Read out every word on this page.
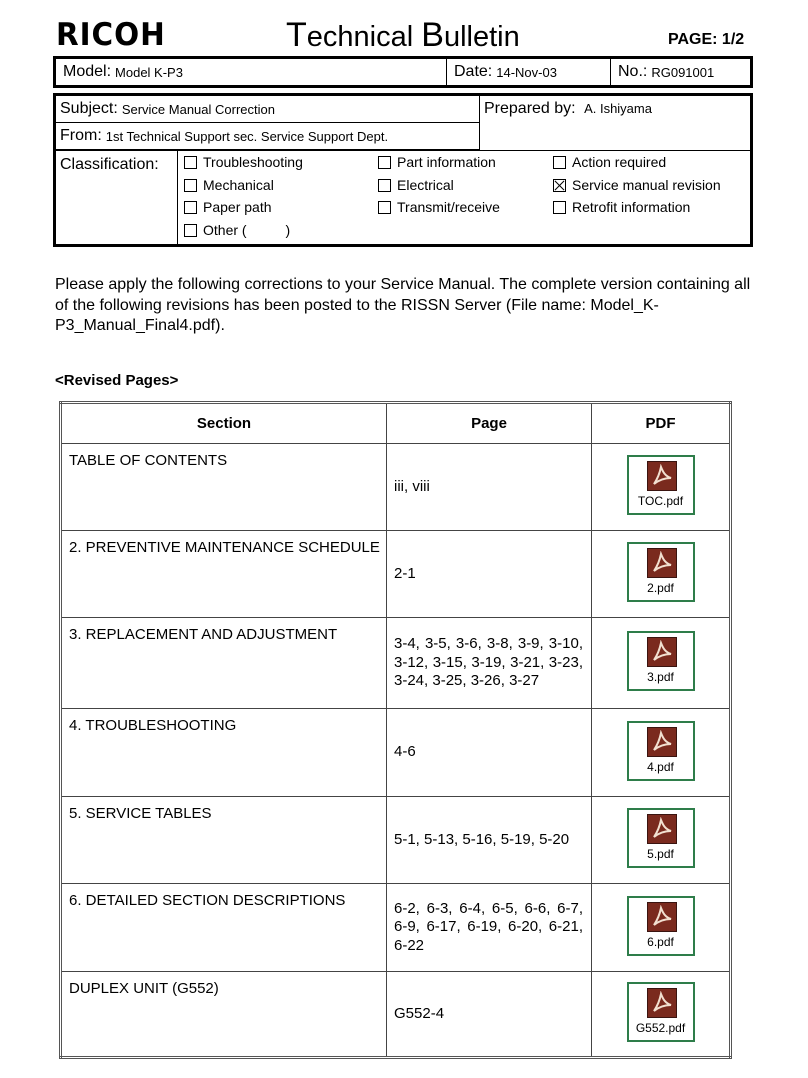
RICOH	Technical Bulletin	PAGE: 1/2
Model: Model K-P3	Date: 14-Nov-03	No.: RG091001
Subject: Service Manual Correction
From: 1st Technical Support sec. Service Support Dept.
Prepared by: A. Ishiyama
Classification:	Troubleshooting	Part information	Action required
Mechanical	Electrical	Service manual revision
Paper path	Transmit/receive	Retrofit information
Other (          )
Please apply the following corrections to your Service Manual. The complete version containing all of the following revisions has been posted to the RISSN Server (File name: Model_K-P3_Manual_Final4.pdf).
<Revised Pages>
Section	Page	PDF
TABLE OF CONTENTS	iii, viii	TOC.pdf

2. PREVENTIVE MAINTENANCE SCHEDULE	2-1	2.pdf

3. REPLACEMENT AND ADJUSTMENT	3-4, 3-5, 3-6, 3-8, 3-9, 3-10, 3-12, 3-15, 3-19, 3-21, 3-23, 3-24, 3-25, 3-26, 3-27	3.pdf

4. TROUBLESHOOTING	4-6	4.pdf

5. SERVICE TABLES	5-1, 5-13, 5-16, 5-19, 5-20	5.pdf

6. DETAILED SECTION DESCRIPTIONS	6-2, 6-3, 6-4, 6-5, 6-6, 6-7, 6-9, 6-17, 6-19, 6-20, 6-21, 6-22	6.pdf

DUPLEX UNIT (G552)	G552-4	G552.pdf
